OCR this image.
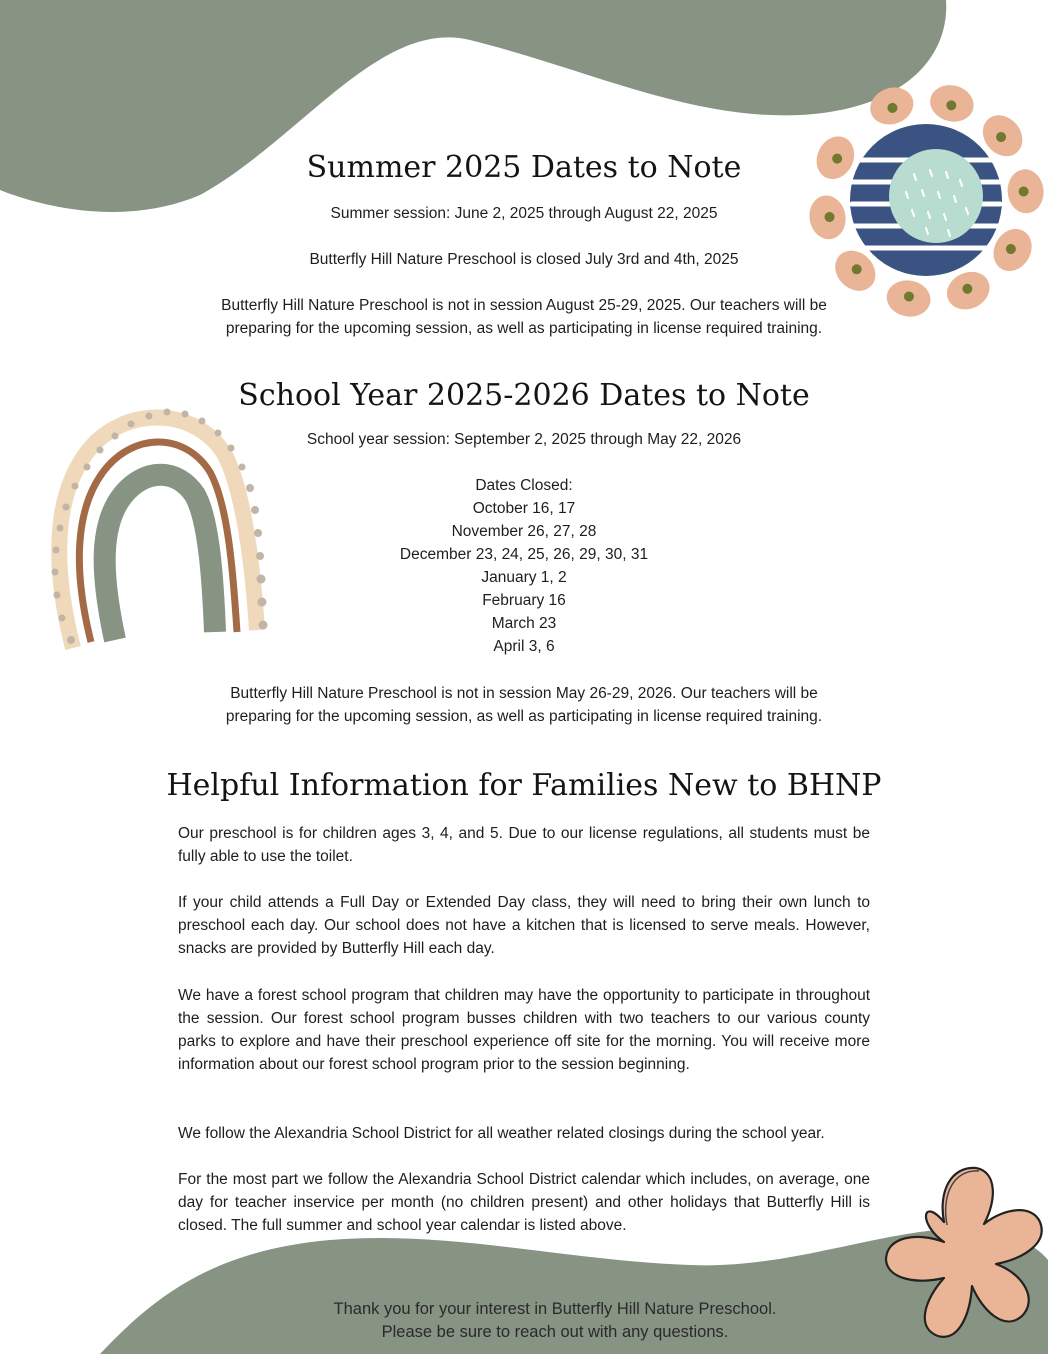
Summer 2025 Dates to Note

Summer session: June 2, 2025 through August 22, 2025

Butterfly Hill Nature Preschool is closed July 3rd and 4th, 2025

Butterfly Hill Nature Preschool is not in session August 25-29, 2025. Our teachers will be

preparing for the upcoming session, as well as participating in license required training.

School Year 2025-2026 Dates to Note

School year session: September 2, 2025 through May 22, 2026

Dates Closed:

October 16, 17
November 26, 27, 28
December 23, 24, 25, 26, 29, 30, 31
January 1, 2
February 16
March 23
April 3, 6

Butterfly Hill Nature Preschool is not in session May 26-29, 2026. Our teachers will be

preparing for the upcoming session, as well as participating in license required training.

Helpful Information for Families New to BHNP

Our preschool is for children ages 3, 4, and 5. Due to our license regulations, all students must be fully able to use the toilet.

If your child attends a Full Day or Extended Day class, they will need to bring their own lunch to preschool each day. Our school does not have a kitchen that is licensed to serve meals. However, snacks are provided by Butterfly Hill each day.

We have a forest school program that children may have the opportunity to participate in throughout the session. Our forest school program busses children with two teachers to our various county parks to explore and have their preschool experience off site for the morning. You will receive more information about our forest school program prior to the session beginning.

We follow the Alexandria School District for all weather related closings during the school year.

For the most part we follow the Alexandria School District calendar which includes, on average, one day for teacher inservice per month (no children present) and other holidays that Butterfly Hill is closed. The full summer and school year calendar is listed above.

Thank you for your interest in Butterfly Hill Nature Preschool.

Please be sure to reach out with any questions.
